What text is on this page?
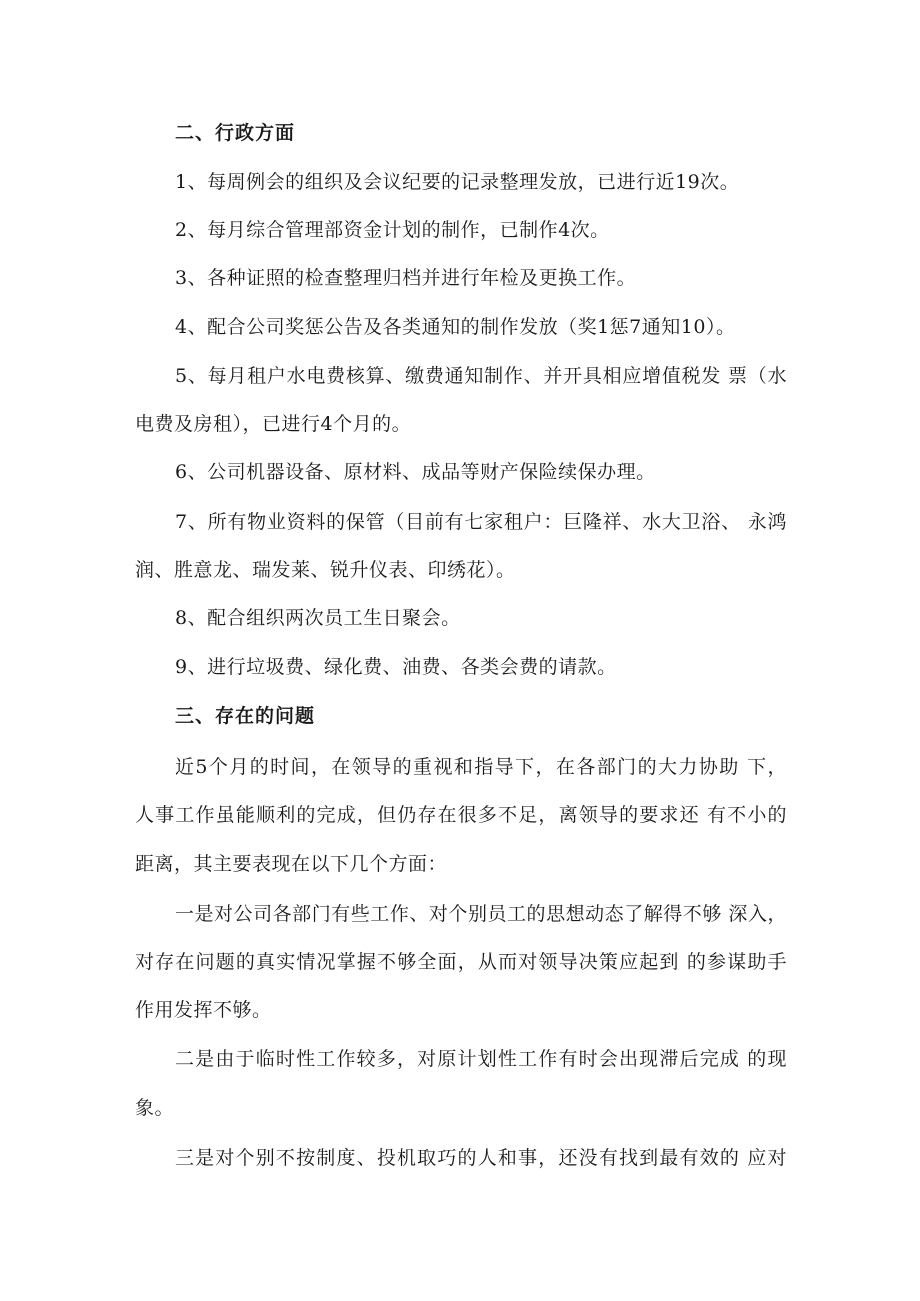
二、行政方面
1、每周例会的组织及会议纪要的记录整理发放，已进行近19次。
2、每月综合管理部资金计划的制作，已制作4次。
3、各种证照的检查整理归档并进行年检及更换工作。
4、配合公司奖惩公告及各类通知的制作发放（奖1惩7通知10）。
5、每月租户水电费核算、缴费通知制作、并开具相应增值税发 票（水
电费及房租），已进行4个月的。
6、公司机器设备、原材料、成品等财产保险续保办理。
7、所有物业资料的保管（目前有七家租户：巨隆祥、水大卫浴、 永鸿
润、胜意龙、瑞发莱、锐升仪表、印绣花）。
8、配合组织两次员工生日聚会。
9、进行垃圾费、绿化费、油费、各类会费的请款。
三、存在的问题
近5个月的时间，在领导的重视和指导下，在各部门的大力协助 下，
人事工作虽能顺利的完成，但仍存在很多不足，离领导的要求还 有不小的
距离，其主要表现在以下几个方面：
一是对公司各部门有些工作、对个别员工的思想动态了解得不够 深入，
对存在问题的真实情况掌握不够全面，从而对领导决策应起到 的参谋助手
作用发挥不够。
二是由于临时性工作较多，对原计划性工作有时会出现滞后完成 的现
象。
三是对个别不按制度、投机取巧的人和事，还没有找到最有效的 应对
